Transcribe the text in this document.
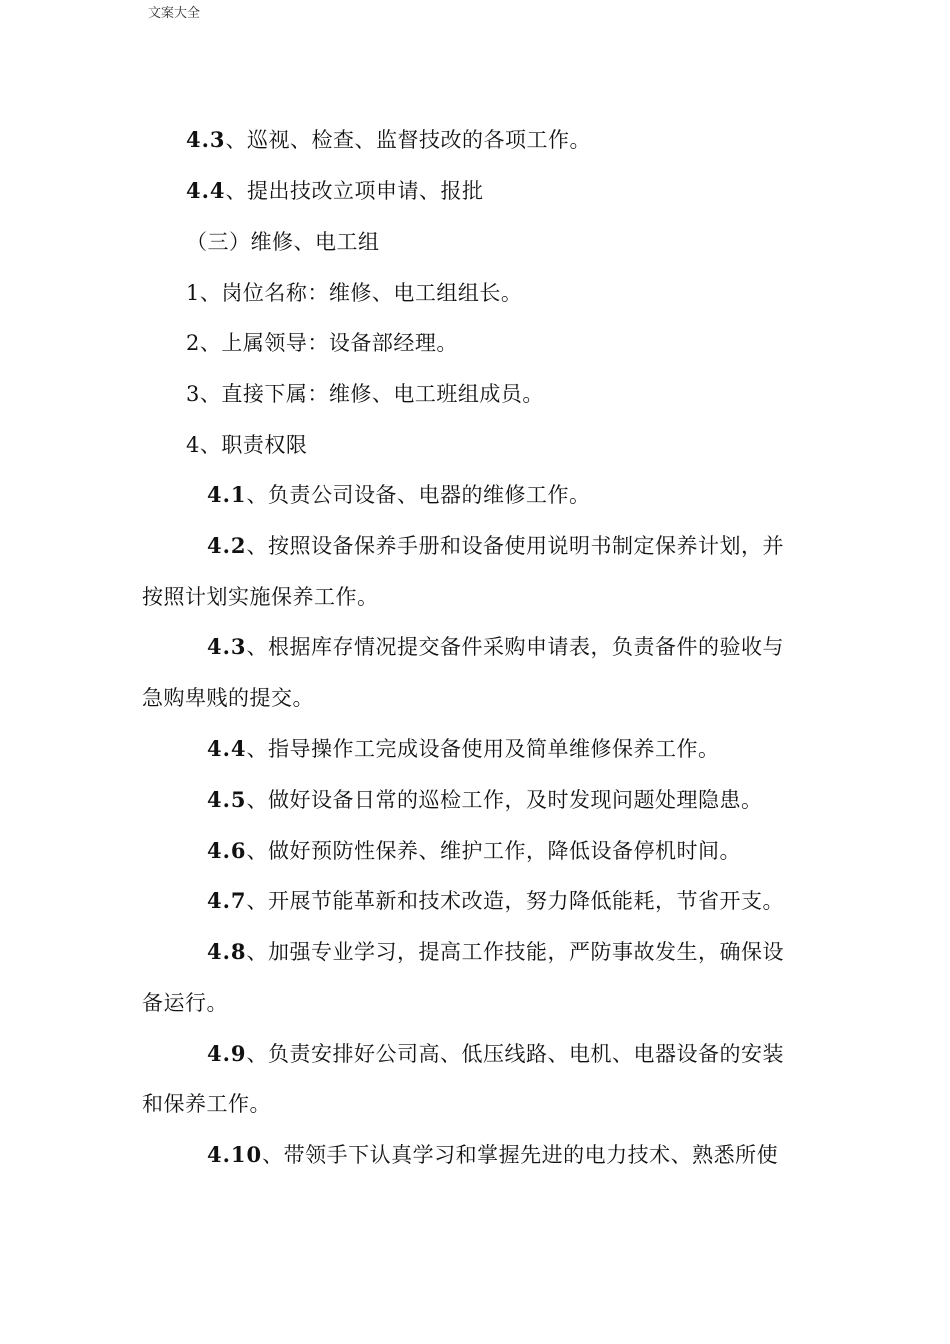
文案大全
4.3、巡视、检查、监督技改的各项工作。
4.4、提出技改立项申请、报批
（三）维修、电工组
1、岗位名称：维修、电工组组长。
2、上属领导：设备部经理。
3、直接下属：维修、电工班组成员。
4、职责权限
4.1、负责公司设备、电器的维修工作。
4.2、按照设备保养手册和设备使用说明书制定保养计划，并
按照计划实施保养工作。
4.3、根据库存情况提交备件采购申请表，负责备件的验收与
急购卑贱的提交。
4.4、指导操作工完成设备使用及简单维修保养工作。
4.5、做好设备日常的巡检工作，及时发现问题处理隐患。
4.6、做好预防性保养、维护工作，降低设备停机时间。
4.7、开展节能革新和技术改造，努力降低能耗，节省开支。
4.8、加强专业学习，提高工作技能，严防事故发生，确保设
备运行。
4.9、负责安排好公司高、低压线路、电机、电器设备的安装
和保养工作。
4.10、带领手下认真学习和掌握先进的电力技术、熟悉所使
